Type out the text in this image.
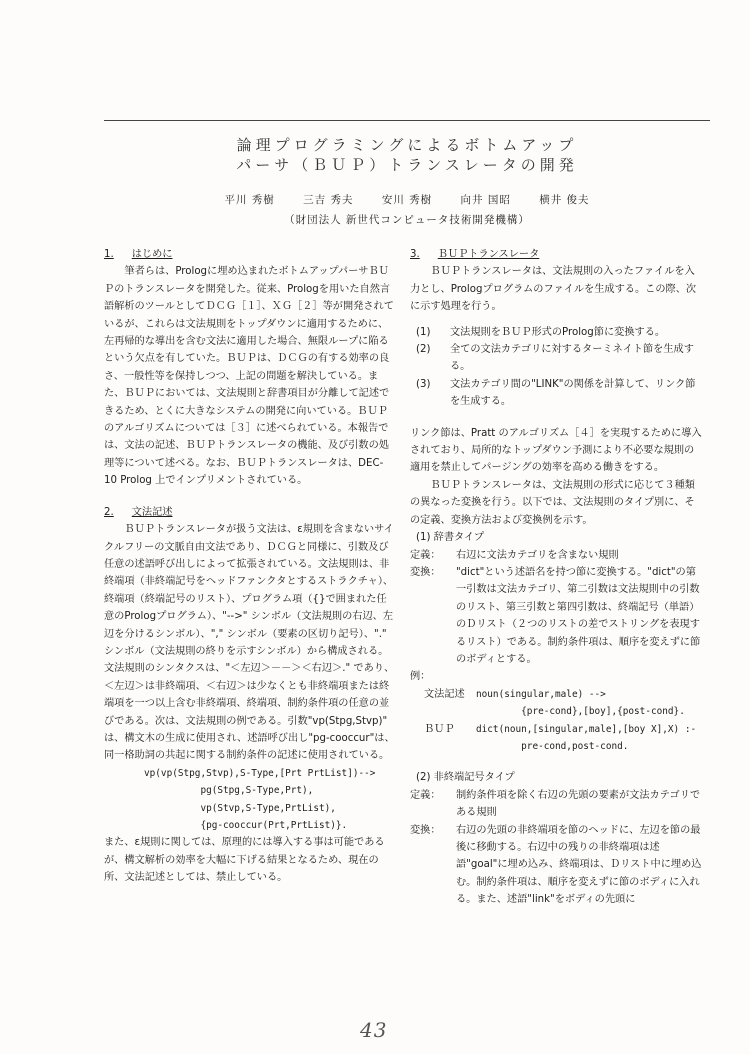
論理プログラミングによるボトムアップ
パーサ（ＢＵＰ）トランスレータの開発
平川 秀樹	三吉 秀夫	安川 秀樹	向井 国昭	横井 俊夫
（財団法人 新世代コンピュータ技術開発機構）
1. はじめに

筆者らは、Prologに埋め込まれたボトムアップパーサＢＵＰのトランスレータを開発した。従来、Prologを用いた自然言語解析のツールとしてＤＣＧ［１］、ＸＧ［２］等が開発されているが、これらは文法規則をトップダウンに適用するために、左再帰的な導出を含む文法に適用した場合、無限ループに陥るという欠点を有していた。ＢＵＰは、ＤＣＧの有する効率の良さ、一般性等を保持しつつ、上記の問題を解決している。また、ＢＵＰにおいては、文法規則と辞書項目が分離して記述できるため、とくに大きなシステムの開発に向いている。ＢＵＰのアルゴリズムについては［３］に述べられている。本報告では、文法の記述、ＢＵＰトランスレータの機能、及び引数の処理等について述べる。なお、ＢＵＰトランスレータは、DEC-10 Prolog 上でインプリメントされている。

2. 文法記述

ＢＵＰトランスレータが扱う文法は、ε規則を含まないサイクルフリーの文脈自由文法であり、ＤＣＧと同様に、引数及び任意の述語呼び出しによって拡張されている。文法規則は、非終端項（非終端記号をヘッドファンクタとするストラクチャ）、終端項（終端記号のリスト）、プログラム項（{}で囲まれた任意のPrologプログラム）、"-->" シンボル（文法規則の右辺、左辺を分けるシンボル）、"," シンボル（要素の区切り記号）、"." シンボル（文法規則の終りを示すシンボル）から構成される。文法規則のシンタクスは、"＜左辺＞－－＞＜右辺＞." であり、＜左辺＞は非終端項、＜右辺＞は少なくとも非終端項または終端項を一つ以上含む非終端項、終端項、制約条件項の任意の並びである。次は、文法規則の例である。引数"vp(Stpg,Stvp)" は、構文木の生成に使用され、述語呼び出し"pg-cooccur"は、同一格助詞の共起に関する制約条件の記述に使用されている。

vp(vp(Stpg,Stvp),S-Type,[Prt PrtList])-->
pg(Stpg,S-Type,Prt),
vp(Stvp,S-Type,PrtList),
{pg-cooccur(Prt,PrtList)}.

また、ε規則に関しては、原理的には導入する事は可能であるが、構文解析の効率を大幅に下げる結果となるため、現在の所、文法記述としては、禁止している。

3. ＢＵＰトランスレータ

ＢＵＰトランスレータは、文法規則の入ったファイルを入力とし、Prologプログラムのファイルを生成する。この際、次に示す処理を行う。

(1)	文法規則をＢＵＰ形式のProlog節に変換する。
(2)	全ての文法カテゴリに対するターミネイト節を生成する。
(3)	文法カテゴリ間の"LINK"の関係を計算して、リンク節を生成する。

リンク節は、Pratt のアルゴリズム［４］を実現するために導入されており、局所的なトップダウン予測により不必要な規則の適用を禁止してパージングの効率を高める働きをする。

ＢＵＰトランスレータは、文法規則の形式に応じて３種類の異なった変換を行う。以下では、文法規則のタイプ別に、その定義、変換方法および変換例を示す。

(1) 辞書タイプ
定義：	右辺に文法カテゴリを含まない規則
変換：	"dict"という述語名を持つ節に変換する。"dict"の第一引数は文法カテゴリ、第二引数は文法規則中の引数のリスト、第三引数と第四引数は、終端記号（単語）のＤリスト（２つのリストの差でストリングを表現するリスト）である。制約条件項は、順序を変えずに節のボディとする。
例：
文法記述	noun(singular,male) -->
{pre-cond},[boy],{post-cond}.
ＢＵＰ	dict(noun,[singular,male],[boy X],X) :-
pre-cond,post-cond.
(2) 非終端記号タイプ
定義：	制約条件項を除く右辺の先頭の要素が文法カテゴリである規則
変換：	右辺の先頭の非終端項を節のヘッドに、左辺を節の最後に移動する。右辺中の残りの非終端項は述語"goal"に埋め込み、終端項は、Ｄリスト中に埋め込む。制約条件項は、順序を変えずに節のボディに入れる。また、述語"link"をボディの先頭に
43
